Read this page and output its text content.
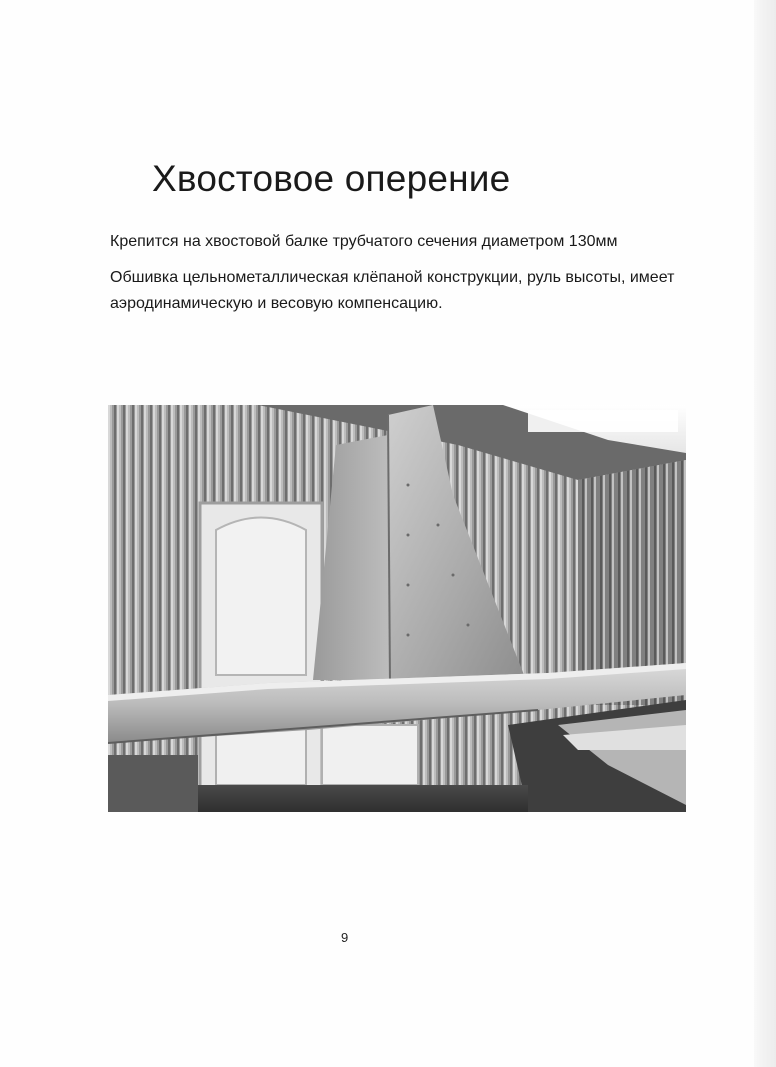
Хвостовое оперение
Крепится на хвостовой балке трубчатого сечения диаметром 130мм
Обшивка цельнометаллическая клёпаной конструкции, руль высоты, имеет
аэродинамическую и весовую компенсацию.
9
